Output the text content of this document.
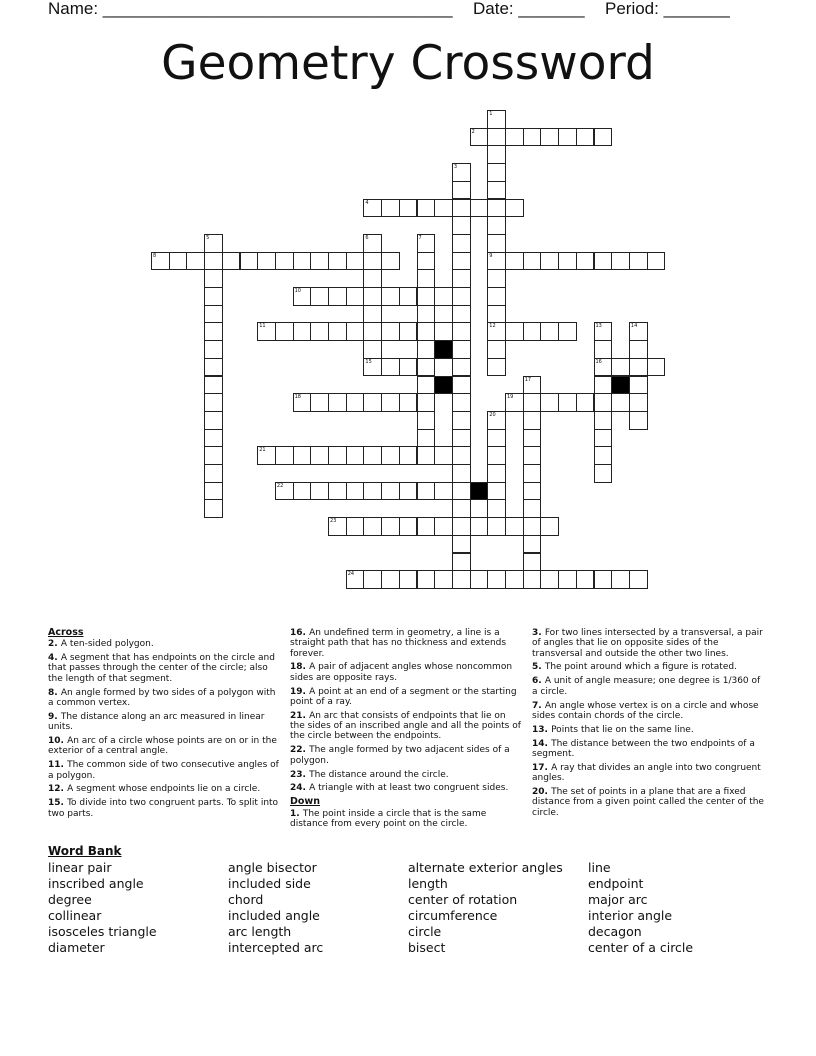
Name: _____________________________________ Date: _______ Period: _______
Geometry Crossword
2
4
8	9
10
11	12
15	16
18	19
21
22
23
24
1
3
5	6	7
13	14
17
20
Across
2. A ten-sided polygon.
4. A segment that has endpoints on the circle and that passes through the center of the circle; also the length of that segment.
8. An angle formed by two sides of a polygon with a common vertex.
9. The distance along an arc measured in linear units.
10. An arc of a circle whose points are on or in the exterior of a central angle.
11. The common side of two consecutive angles of a polygon.
12. A segment whose endpoints lie on a circle.
15. To divide into two congruent parts. To split into two parts.
16. An undefined term in geometry, a line is a straight path that has no thickness and extends forever.
18. A pair of adjacent angles whose noncommon sides are opposite rays.
19. A point at an end of a segment or the starting point of a ray.
21. An arc that consists of endpoints that lie on the sides of an inscribed angle and all the points of the circle between the endpoints.
22. The angle formed by two adjacent sides of a polygon.
23. The distance around the circle.
24. A triangle with at least two congruent sides.
Down
1. The point inside a circle that is the same distance from every point on the circle.
3. For two lines intersected by a transversal, a pair of angles that lie on opposite sides of the transversal and outside the other two lines.
5. The point around which a figure is rotated.
6. A unit of angle measure; one degree is 1/360 of a circle.
7. An angle whose vertex is on a circle and whose sides contain chords of the circle.
13. Points that lie on the same line.
14. The distance between the two endpoints of a segment.
17. A ray that divides an angle into two congruent angles.
20. The set of points in a plane that are a fixed distance from a given point called the center of the circle.
Word Bank
linear pair
inscribed angle
degree
collinear
isosceles triangle
diameter
angle bisector
included side
chord
included angle
arc length
intercepted arc
alternate exterior angles
length
center of rotation
circumference
circle
bisect
line
endpoint
major arc
interior angle
decagon
center of a circle
